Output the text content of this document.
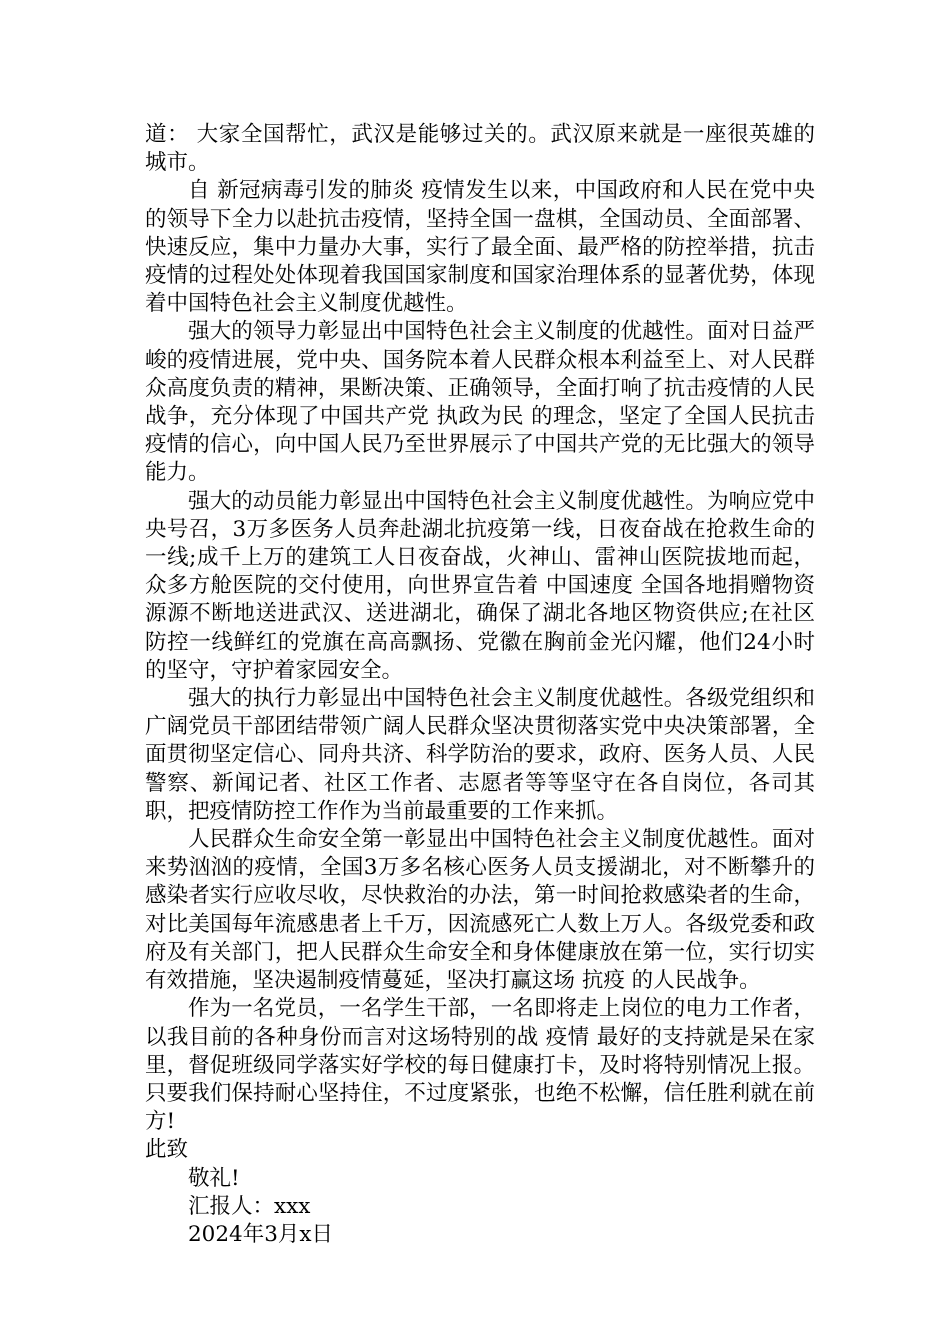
道： 大家全国帮忙，武汉是能够过关的。武汉原来就是一座很英雄的城市。

自 新冠病毒引发的肺炎 疫情发生以来，中国政府和人民在党中央的领导下全力以赴抗击疫情，坚持全国一盘棋，全国动员、全面部署、快速反应，集中力量办大事，实行了最全面、最严格的防控举措，抗击疫情的过程处处体现着我国国家制度和国家治理体系的显著优势，体现着中国特色社会主义制度优越性。

强大的领导力彰显出中国特色社会主义制度的优越性。面对日益严峻的疫情进展，党中央、国务院本着人民群众根本利益至上、对人民群众高度负责的精神，果断决策、正确领导，全面打响了抗击疫情的人民战争，充分体现了中国共产党 执政为民 的理念，坚定了全国人民抗击疫情的信心，向中国人民乃至世界展示了中国共产党的无比强大的领导能力。

强大的动员能力彰显出中国特色社会主义制度优越性。为响应党中央号召，3万多医务人员奔赴湖北抗疫第一线，日夜奋战在抢救生命的一线;成千上万的建筑工人日夜奋战，火神山、雷神山医院拔地而起，众多方舱医院的交付使用，向世界宣告着 中国速度 全国各地捐赠物资源源不断地送进武汉、送进湖北，确保了湖北各地区物资供应;在社区防控一线鲜红的党旗在高高飘扬、党徽在胸前金光闪耀，他们24小时的坚守，守护着家园安全。

强大的执行力彰显出中国特色社会主义制度优越性。各级党组织和广阔党员干部团结带领广阔人民群众坚决贯彻落实党中央决策部署，全面贯彻坚定信心、同舟共济、科学防治的要求，政府、医务人员、人民警察、新闻记者、社区工作者、志愿者等等坚守在各自岗位，各司其职，把疫情防控工作作为当前最重要的工作来抓。

人民群众生命安全第一彰显出中国特色社会主义制度优越性。面对来势汹汹的疫情，全国3万多名核心医务人员支援湖北，对不断攀升的感染者实行应收尽收，尽快救治的办法，第一时间抢救感染者的生命，对比美国每年流感患者上千万，因流感死亡人数上万人。各级党委和政府及有关部门，把人民群众生命安全和身体健康放在第一位，实行切实有效措施，坚决遏制疫情蔓延，坚决打赢这场 抗疫 的人民战争。

作为一名党员，一名学生干部，一名即将走上岗位的电力工作者，以我目前的各种身份而言对这场特别的战 疫情 最好的支持就是呆在家里，督促班级同学落实好学校的每日健康打卡，及时将特别情况上报。只要我们保持耐心坚持住，不过度紧张，也绝不松懈，信任胜利就在前方!

此致

敬礼!

汇报人：xxx

2024年3月x日
